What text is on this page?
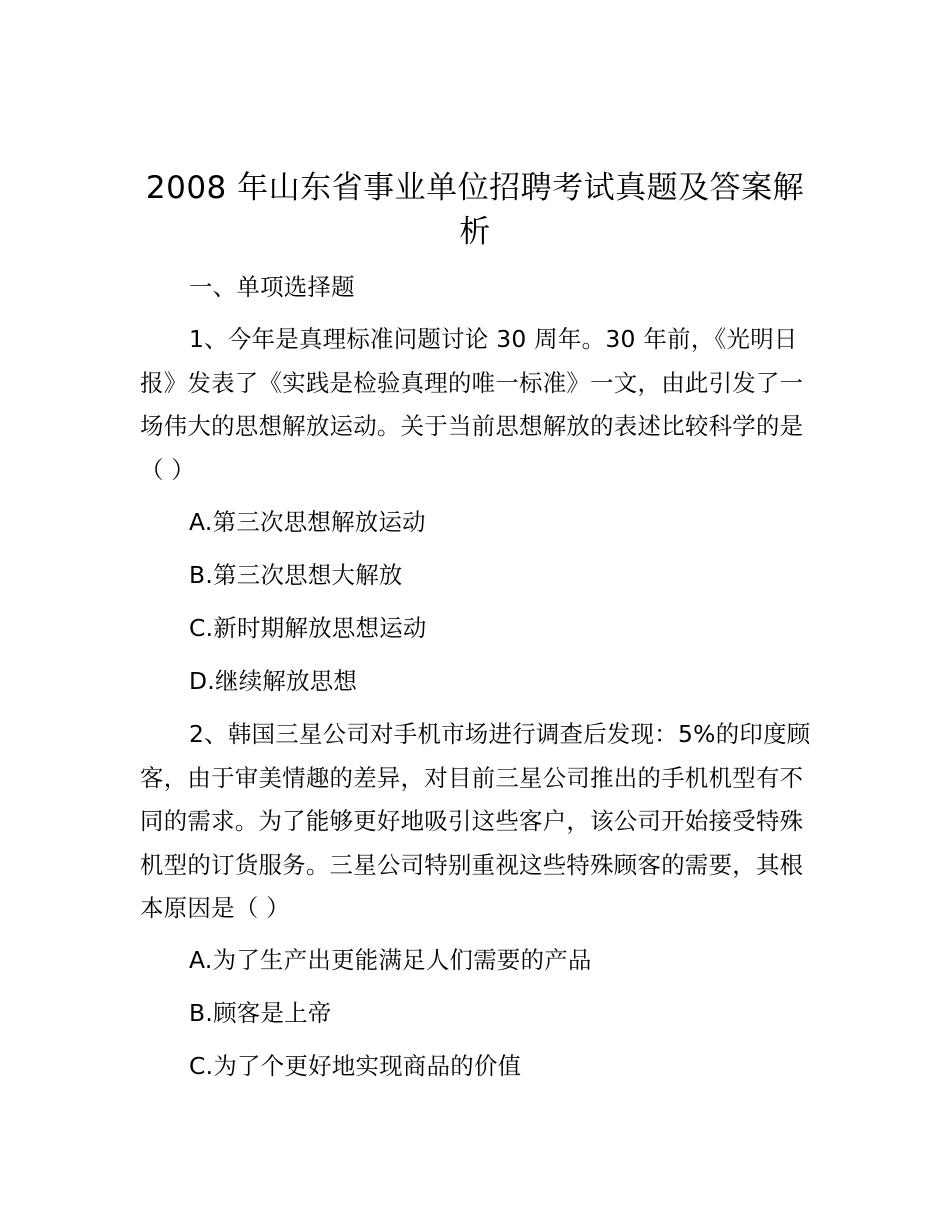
2008 年山东省事业单位招聘考试真题及答案解析
一、单项选择题
1、今年是真理标准问题讨论 30 周年。30 年前，《光明日报》发表了《实践是检验真理的唯一标准》一文，由此引发了一场伟大的思想解放运动。关于当前思想解放的表述比较科学的是（ ）
A.第三次思想解放运动
B.第三次思想大解放
C.新时期解放思想运动
D.继续解放思想
2、韩国三星公司对手机市场进行调查后发现：5%的印度顾客，由于审美情趣的差异，对目前三星公司推出的手机机型有不同的需求。为了能够更好地吸引这些客户，该公司开始接受特殊机型的订货服务。三星公司特别重视这些特殊顾客的需要，其根本原因是（ ）
A.为了生产出更能满足人们需要的产品
B.顾客是上帝
C.为了个更好地实现商品的价值
